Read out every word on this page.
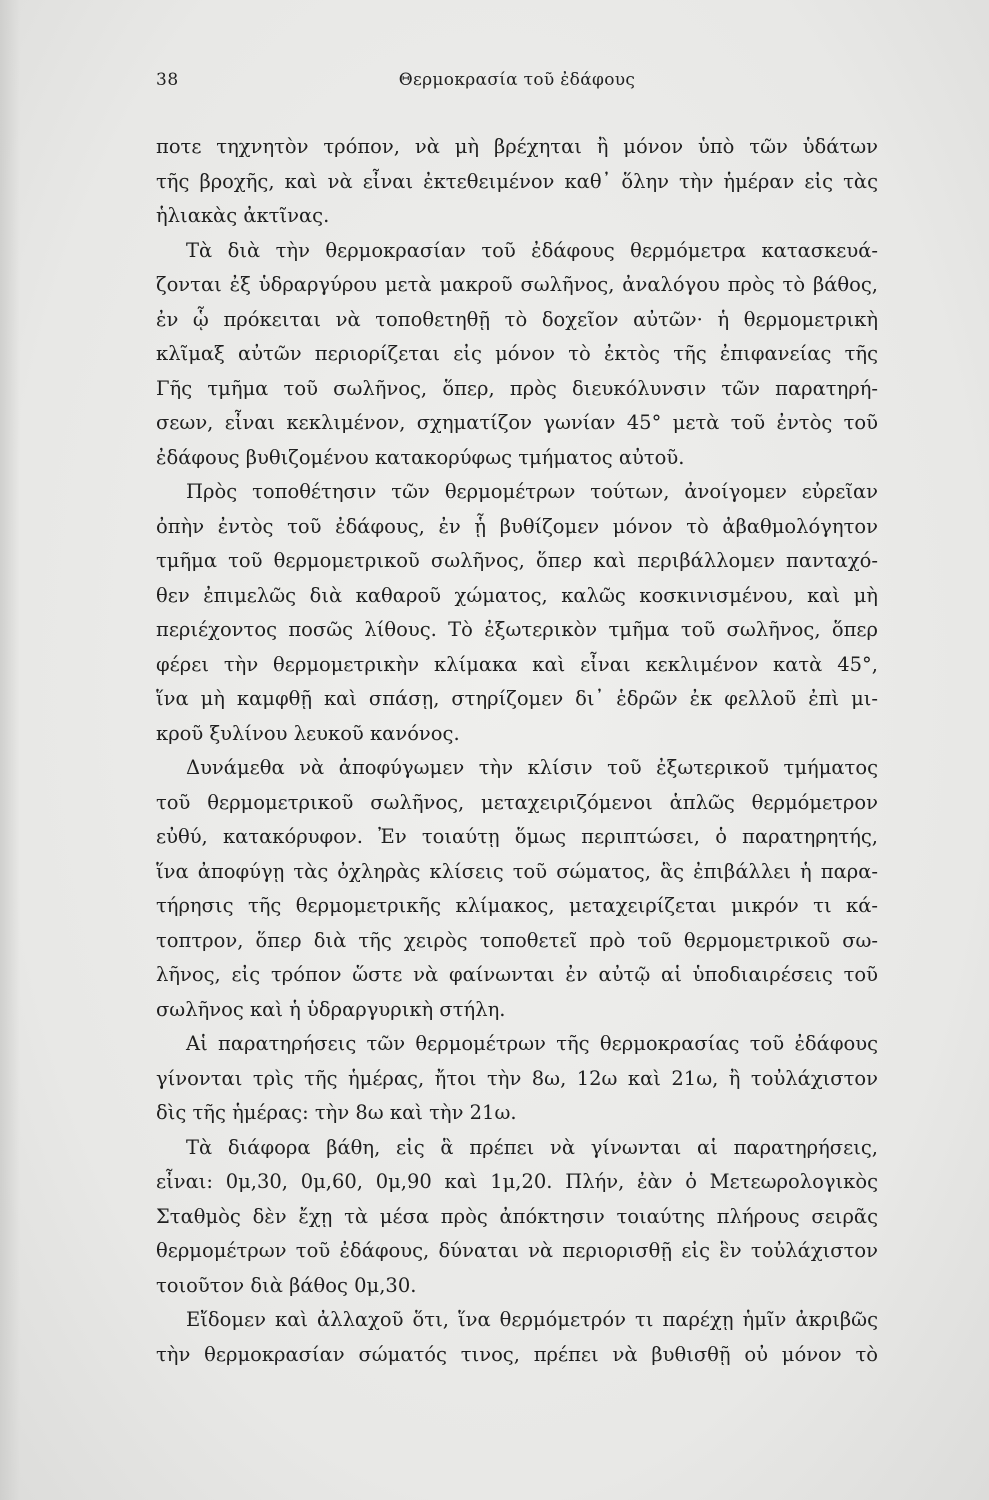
38	Θερμοκρασία τοῦ ἐδάφους
ποτε τηχνητὸν τρόπον, νὰ μὴ βρέχηται ἢ μόνον ὑπὸ τῶν ὑδάτων
τῆς βροχῆς, καὶ νὰ εἶναι ἐκτεθειμένον καθ᾽ ὅλην τὴν ἡμέραν εἰς τὰς
ἡλιακὰς ἀκτῖνας.
Τὰ διὰ τὴν θερμοκρασίαν τοῦ ἐδάφους θερμόμετρα κατασκευά-
ζονται ἐξ ὑδραργύρου μετὰ μακροῦ σωλῆνος, ἀναλόγου πρὸς τὸ βάθος,
ἐν ᾧ πρόκειται νὰ τοποθετηθῇ τὸ δοχεῖον αὐτῶν· ἡ θερμομετρικὴ
κλῖμαξ αὐτῶν περιορίζεται εἰς μόνον τὸ ἐκτὸς τῆς ἐπιφανείας τῆς
Γῆς τμῆμα τοῦ σωλῆνος, ὅπερ, πρὸς διευκόλυνσιν τῶν παρατηρή-
σεων, εἶναι κεκλιμένον, σχηματίζον γωνίαν 45° μετὰ τοῦ ἐντὸς τοῦ
ἐδάφους βυθιζομένου κατακορύφως τμήματος αὐτοῦ.
Πρὸς τοποθέτησιν τῶν θερμομέτρων τούτων, ἀνοίγομεν εὐρεῖαν
ὀπὴν ἐντὸς τοῦ ἐδάφους, ἐν ᾗ βυθίζομεν μόνον τὸ ἀβαθμολόγητον
τμῆμα τοῦ θερμομετρικοῦ σωλῆνος, ὅπερ καὶ περιβάλλομεν πανταχό-
θεν ἐπιμελῶς διὰ καθαροῦ χώματος, καλῶς κοσκινισμένου, καὶ μὴ
περιέχοντος ποσῶς λίθους. Τὸ ἐξωτερικὸν τμῆμα τοῦ σωλῆνος, ὅπερ
φέρει τὴν θερμομετρικὴν κλίμακα καὶ εἶναι κεκλιμένον κατὰ 45°,
ἵνα μὴ καμφθῇ καὶ σπάσῃ, στηρίζομεν δι᾽ ἑδρῶν ἐκ φελλοῦ ἐπὶ μι-
κροῦ ξυλίνου λευκοῦ κανόνος.
Δυνάμεθα νὰ ἀποφύγωμεν τὴν κλίσιν τοῦ ἐξωτερικοῦ τμήματος
τοῦ θερμομετρικοῦ σωλῆνος, μεταχειριζόμενοι ἁπλῶς θερμόμετρον
εὐθύ, κατακόρυφον. Ἐν τοιαύτῃ ὅμως περιπτώσει, ὁ παρατηρητής,
ἵνα ἀποφύγῃ τὰς ὀχληρὰς κλίσεις τοῦ σώματος, ἃς ἐπιβάλλει ἡ παρα-
τήρησις τῆς θερμομετρικῆς κλίμακος, μεταχειρίζεται μικρόν τι κά-
τοπτρον, ὅπερ διὰ τῆς χειρὸς τοποθετεῖ πρὸ τοῦ θερμομετρικοῦ σω-
λῆνος, εἰς τρόπον ὥστε νὰ φαίνωνται ἐν αὐτῷ αἱ ὑποδιαιρέσεις τοῦ
σωλῆνος καὶ ἡ ὑδραργυρικὴ στήλη.
Αἱ παρατηρήσεις τῶν θερμομέτρων τῆς θερμοκρασίας τοῦ ἐδάφους
γίνονται τρὶς τῆς ἡμέρας, ἤτοι τὴν 8ω, 12ω καὶ 21ω, ἢ τοὐλάχιστον
δὶς τῆς ἡμέρας: τὴν 8ω καὶ τὴν 21ω.
Τὰ διάφορα βάθη, εἰς ἃ πρέπει νὰ γίνωνται αἱ παρατηρήσεις,
εἶναι: 0μ,30, 0μ,60, 0μ,90 καὶ 1μ,20. Πλήν, ἐὰν ὁ Μετεωρολογικὸς
Σταθμὸς δὲν ἔχῃ τὰ μέσα πρὸς ἀπόκτησιν τοιαύτης πλήρους σειρᾶς
θερμομέτρων τοῦ ἐδάφους, δύναται νὰ περιορισθῇ εἰς ἓν τοὐλάχιστον
τοιοῦτον διὰ βάθος 0μ,30.
Εἴδομεν καὶ ἀλλαχοῦ ὅτι, ἵνα θερμόμετρόν τι παρέχῃ ἡμῖν ἀκριβῶς
τὴν θερμοκρασίαν σώματός τινος, πρέπει νὰ βυθισθῇ οὐ μόνον τὸ
